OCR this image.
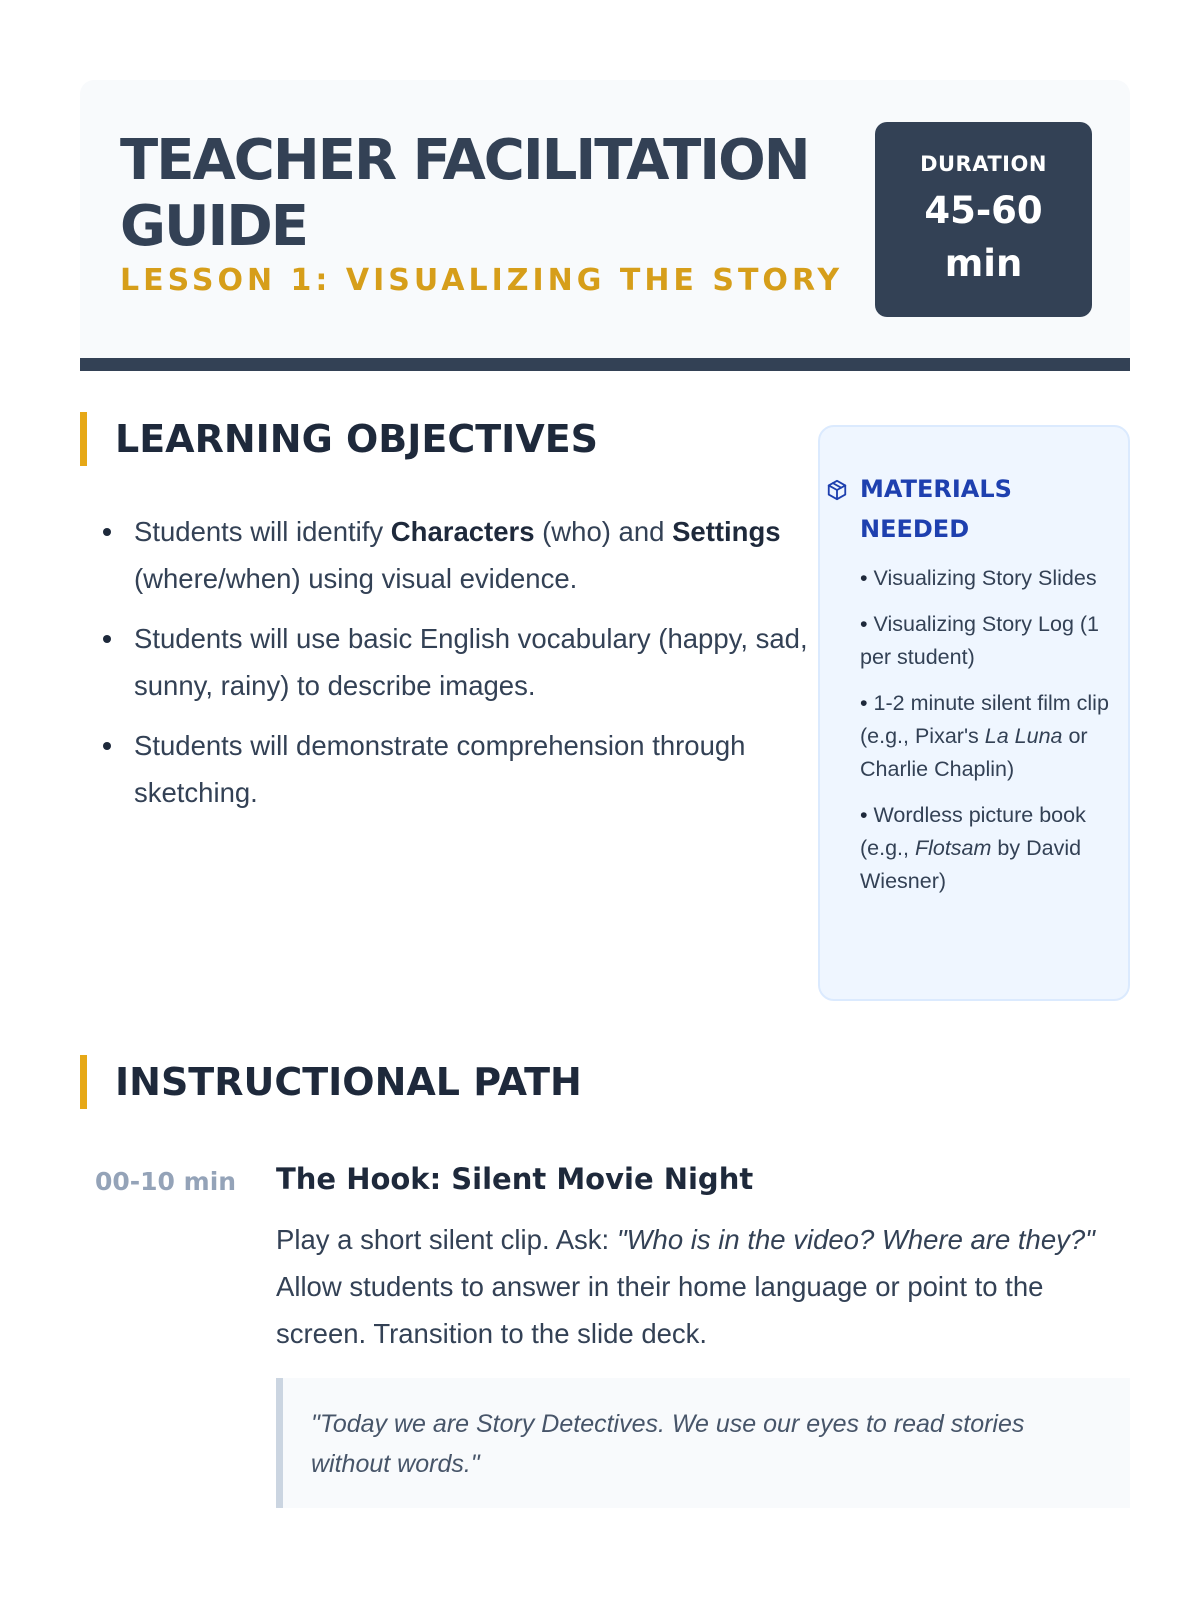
TEACHER FACILITATION GUIDE

LESSON 1: VISUALIZING THE STORY

DURATION
45-60 min
LEARNING OBJECTIVES
Students will identify Characters (who) and Settings (where/when) using visual evidence.
Students will use basic English vocabulary (happy, sad, sunny, rainy) to describe images.
Students will demonstrate comprehension through sketching.
MATERIALS NEEDED
• Visualizing Story Slides
• Visualizing Story Log (1 per student)
• 1-2 minute silent film clip (e.g., Pixar's La Luna or Charlie Chaplin)
• Wordless picture book (e.g., Flotsam by David Wiesner)
INSTRUCTIONAL PATH
00-10 min The Hook: Silent Movie Night

Play a short silent clip. Ask: "Who is in the video? Where are they?" Allow students to answer in their home language or point to the screen. Transition to the slide deck.

"Today we are Story Detectives. We use our eyes to read stories without words."
